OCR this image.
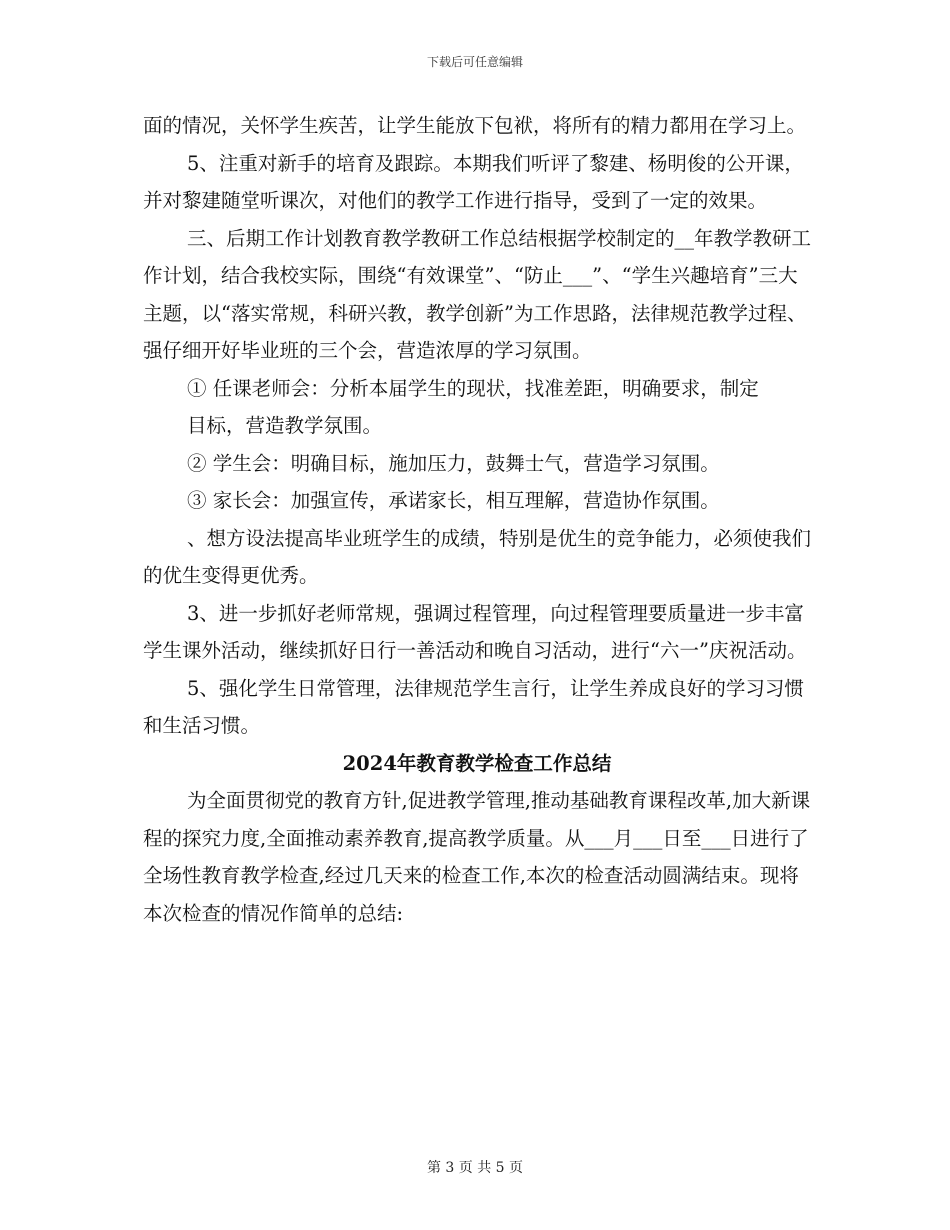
下载后可任意编辑

面的情况，关怀学生疾苦，让学生能放下包袱，将所有的精力都用在学习上。

5、注重对新手的培育及跟踪。本期我们听评了黎建、杨明俊的公开课，并对黎建随堂听课次，对他们的教学工作进行指导，受到了一定的效果。

三、后期工作计划教育教学教研工作总结根据学校制定的__年教学教研工作计划，结合我校实际，围绕“有效课堂”、“防止___”、“学生兴趣培育”三大主题，以“落实常规，科研兴教，教学创新”为工作思路，法律规范教学过程、强仔细开好毕业班的三个会，营造浓厚的学习氛围。

① 任课老师会：分析本届学生的现状，找准差距，明确要求，制定

目标，营造教学氛围。

② 学生会：明确目标，施加压力，鼓舞士气，营造学习氛围。

③ 家长会：加强宣传，承诺家长，相互理解，营造协作氛围。

、想方设法提高毕业班学生的成绩，特别是优生的竞争能力，必须使我们的优生变得更优秀。

3、进一步抓好老师常规，强调过程管理，向过程管理要质量进一步丰富学生课外活动，继续抓好日行一善活动和晚自习活动，进行“六一”庆祝活动。

5、强化学生日常管理，法律规范学生言行，让学生养成良好的学习习惯和生活习惯。

2024年教育教学检查工作总结

为全面贯彻党的教育方针,促进教学管理,推动基础教育课程改革,加大新课程的探究力度,全面推动素养教育,提高教学质量。从___月___日至___日进行了全场性教育教学检查,经过几天来的检查工作,本次的检查活动圆满结束。现将本次检查的情况作简单的总结:

第 3 页 共 5 页
